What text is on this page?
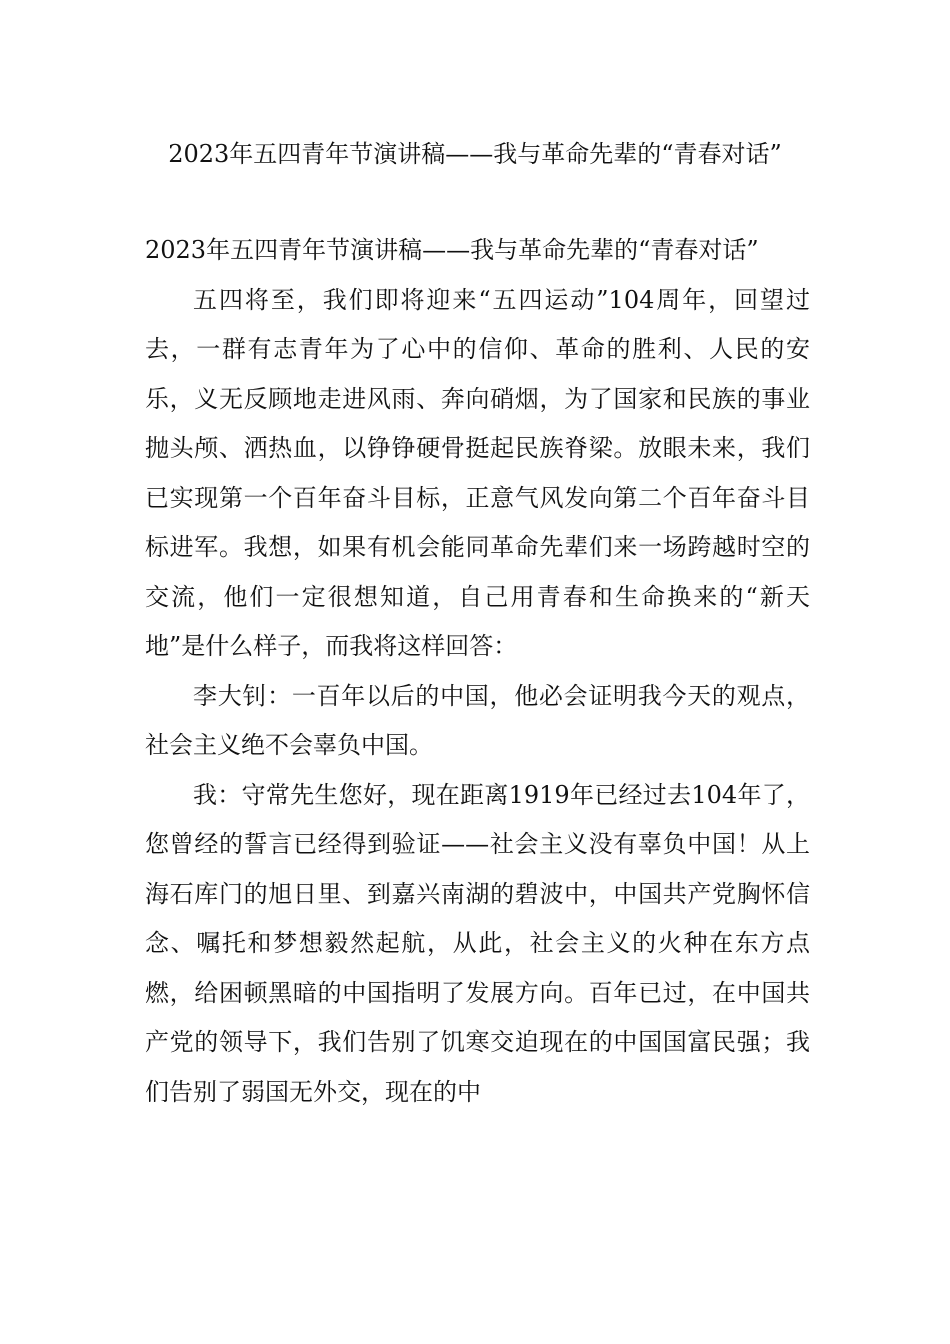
2023年五四青年节演讲稿——我与革命先辈的“青春对话”

2023年五四青年节演讲稿——我与革命先辈的“青春对话”

五四将至，我们即将迎来“五四运动”104周年，回望过去，一群有志青年为了心中的信仰、革命的胜利、人民的安乐，义无反顾地走进风雨、奔向硝烟，为了国家和民族的事业抛头颅、洒热血，以铮铮硬骨挺起民族脊梁。放眼未来，我们已实现第一个百年奋斗目标，正意气风发向第二个百年奋斗目标进军。我想，如果有机会能同革命先辈们来一场跨越时空的交流，他们一定很想知道，自己用青春和生命换来的“新天地”是什么样子，而我将这样回答：

李大钊：一百年以后的中国，他必会证明我今天的观点，社会主义绝不会辜负中国。

我：守常先生您好，现在距离1919年已经过去104年了，您曾经的誓言已经得到验证——社会主义没有辜负中国！从上海石库门的旭日里、到嘉兴南湖的碧波中，中国共产党胸怀信念、嘱托和梦想毅然起航，从此，社会主义的火种在东方点燃，给困顿黑暗的中国指明了发展方向。百年已过，在中国共产党的领导下，我们告别了饥寒交迫现在的中国国富民强；我们告别了弱国无外交，现在的中
